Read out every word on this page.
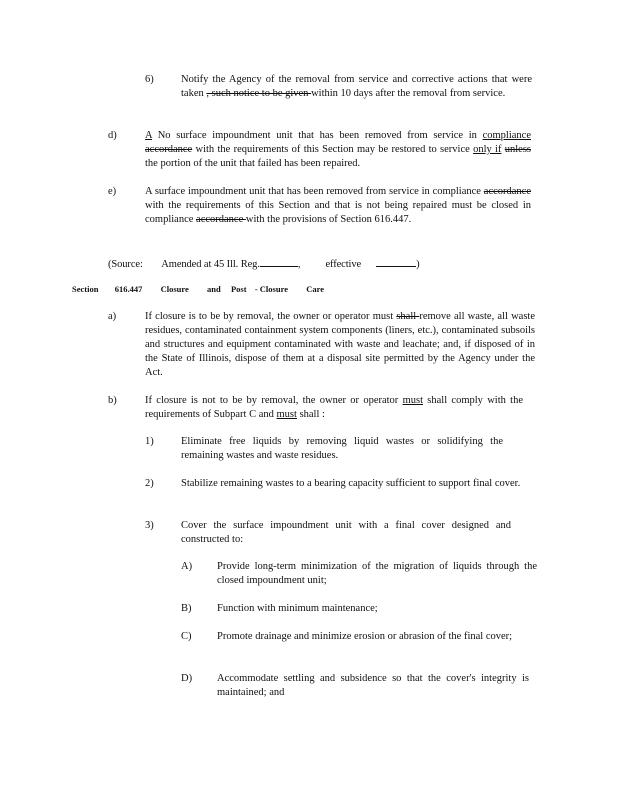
6)	Notify the Agency of the removal from service and corrective actions that were taken , such notice to be given within 10 days after the removal from service.
d)	A No surface impoundment unit that has been removed from service in compliance accordance with the requirements of this Section may be restored to service only if unless the portion of the unit that failed has been repaired.
e)	A surface impoundment unit that has been removed from service in compliance accordance with the requirements of this Section and that is not being repaired must be closed in compliance accordance with the provisions of Section 616.447.
(Source: Amended at 45 Ill. Reg.	, effective	)
Section 616.447 Closure and Post - Closure Care
a)	If closure is to be by removal, the owner or operator must shall remove all waste, all waste residues, contaminated containment system components (liners, etc.), contaminated subsoils and structures and equipment contaminated with waste and leachate; and, if disposed of in the State of Illinois, dispose of them at a disposal site permitted by the Agency under the Act.
b)	If closure is not to be by removal, the owner or operator must shall comply with the requirements of Subpart C and must shall :
1)	Eliminate free liquids by removing liquid wastes or solidifying the remaining wastes and waste residues.
2)	Stabilize remaining wastes to a bearing capacity sufficient to support final cover.
3)	Cover the surface impoundment unit with a final cover designed and constructed to:
A) Provide long-term minimization of the migration of liquids through the closed impoundment unit;
B) Function with minimum maintenance;
C) Promote drainage and minimize erosion or abrasion of the final cover;
D) Accommodate settling and subsidence so that the cover's integrity is maintained; and
